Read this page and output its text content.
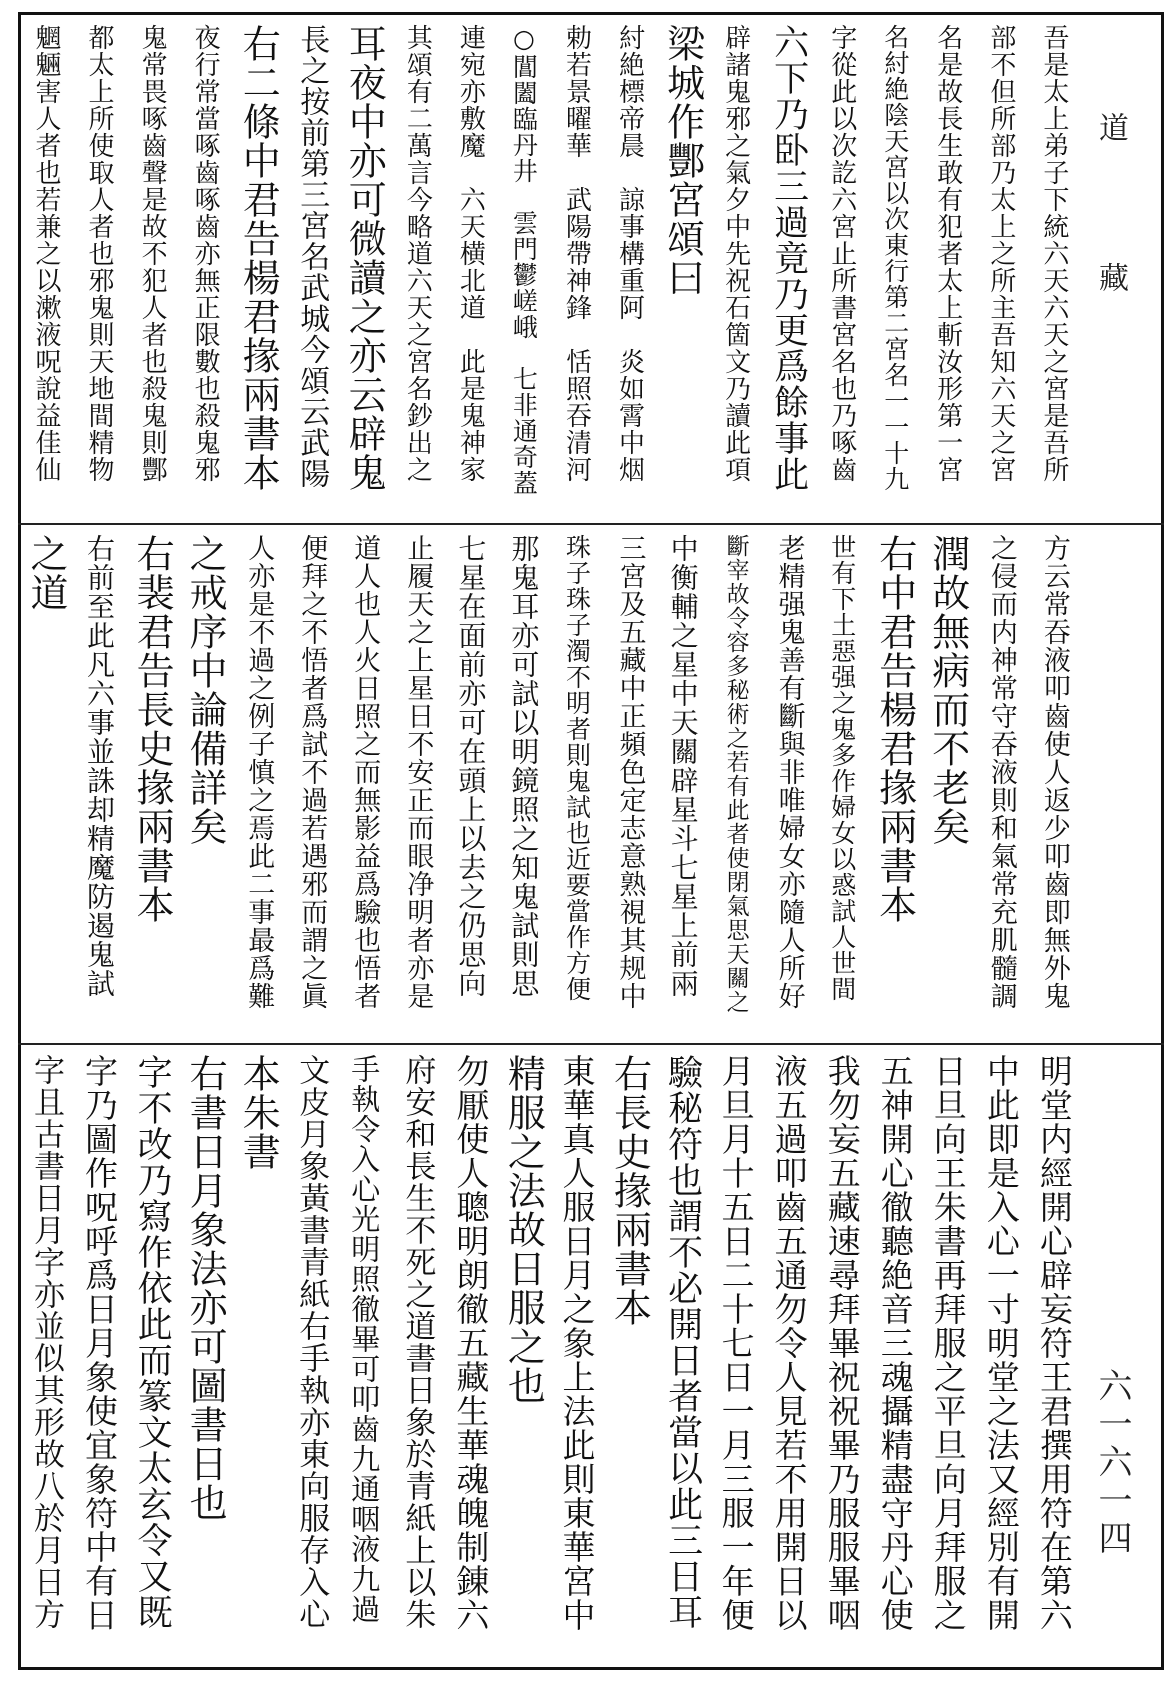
吾是太上弟子下統六天六天之宮是吾所
部不但所部乃太上之所主吾知六天之宮
名是故長生敢有犯者太上斬汝形第一宮
名紂絶陰天宮以次東行第二宮名一一十九
字從此以次訖六宮止所書宮名也乃啄齒
六下乃卧三過竟乃更爲餘事此
辟諸鬼邪之氣夕中先祝石箇文乃讀此項
梁城作酆宮頌曰
紂絶標帝晨　諒事構重阿　炎如霄中烟
勅若景曜華　武陽帶神鋒　恬照吞清河
○閶闔臨丹井　雲門鬱嵯峨　七非通奇蓋
連宛亦敷魔　六天横北道　此是鬼神家
其頌有二萬言今略道六天之宮名鈔出之
耳夜中亦可微讀之亦云辟鬼
長之按前第三宮名武城今頌云武陽
右二條中君告楊君掾兩書本
夜行常當啄齒啄齒亦無正限數也殺鬼邪
鬼常畏啄齒聲是故不犯人者也殺鬼則酆
都太上所使取人者也邪鬼則天地間精物
魍魎害人者也若兼之以漱液呪說益佳仙
方云常吞液叩齒使人返少叩齒即無外鬼
之侵而内神常守吞液則和氣常充肌髓調
潤故無病而不老矣
右中君告楊君掾兩書本
世有下土惡强之鬼多作婦女以惑試人世間
老精强鬼善有斷與非唯婦女亦隨人所好
斷宰故令容多秘術之若有此者使閉氣思天關之
中衡輔之星中天關辟星斗七星上前兩
三宮及五藏中正頻色定志意熟視其规中
珠子珠子濁不明者則鬼試也近要當作方便
那鬼耳亦可試以明鏡照之知鬼試則思
七星在面前亦可在頭上以去之仍思向
止履天之上星日不安正而眼净明者亦是
道人也人火日照之而無影益爲驗也悟者
便拜之不悟者爲試不過若遇邪而謂之眞
人亦是不過之例子慎之焉此二事最爲難
之戒序中論備詳矣
右裴君告長史掾兩書本
右前至此凡六事並誅却精魔防遏鬼試
之道
明堂内經開心辟妄符王君撰用符在第六
中此即是入心一寸明堂之法又經別有開
日旦向王朱書再拜服之平旦向月拜服之
五神開心徹聽絶音三魂攝精盡守丹心使
我勿妄五藏速尋拜畢祝祝畢乃服服畢咽
液五過叩齒五通勿令人見若不用開日以
月旦月十五日二十七日一月三服一年便
驗秘符也謂不必開日者當以此三日耳
右長史掾兩書本
東華真人服日月之象上法此則東華宮中
精服之法故日服之也
勿厭使人聰明朗徹五藏生華魂魄制錬六
府安和長生不死之道書日象於青紙上以朱
手執令入心光明照徹畢可叩齒九通咽液九過
文皮月象黃書青紙右手執亦東向服存入心
本朱書
右書日月象法亦可圖書日也
字不改乃寫作依此而篆文太玄令又既
字乃圖作呪呼爲日月象使宜象符中有日
字且古書日月字亦並似其形故八於月日方
道
藏
六一六一四
